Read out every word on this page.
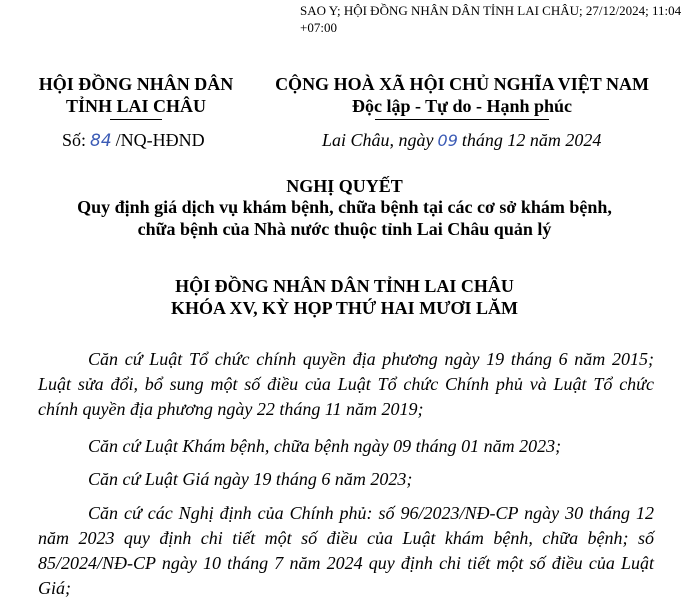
SAO Y; HỘI ĐỒNG NHÂN DÂN TỈNH LAI CHÂU; 27/12/2024; 11:04
+07:00
HỘI ĐỒNG NHÂN DÂN
TỈNH LAI CHÂU
CỘNG HOÀ XÃ HỘI CHỦ NGHĨA VIỆT NAM
Độc lập - Tự do - Hạnh phúc
Số: 84 /NQ-HĐND	Lai Châu, ngày 09 tháng 12 năm 2024
NGHỊ QUYẾT
Quy định giá dịch vụ khám bệnh, chữa bệnh tại các cơ sở khám bệnh,
chữa bệnh của Nhà nước thuộc tỉnh Lai Châu quản lý
HỘI ĐỒNG NHÂN DÂN TỈNH LAI CHÂU
KHÓA XV, KỲ HỌP THỨ HAI MƯƠI LĂM
Căn cứ Luật Tổ chức chính quyền địa phương ngày 19 tháng 6 năm 2015; Luật sửa đổi, bổ sung một số điều của Luật Tổ chức Chính phủ và Luật Tổ chức chính quyền địa phương ngày 22 tháng 11 năm 2019;
Căn cứ Luật Khám bệnh, chữa bệnh ngày 09 tháng 01 năm 2023;
Căn cứ Luật Giá ngày 19 tháng 6 năm 2023;
Căn cứ các Nghị định của Chính phủ: số 96/2023/NĐ-CP ngày 30 tháng 12 năm 2023 quy định chi tiết một số điều của Luật khám bệnh, chữa bệnh; số 85/2024/NĐ-CP ngày 10 tháng 7 năm 2024 quy định chi tiết một số điều của Luật Giá;
